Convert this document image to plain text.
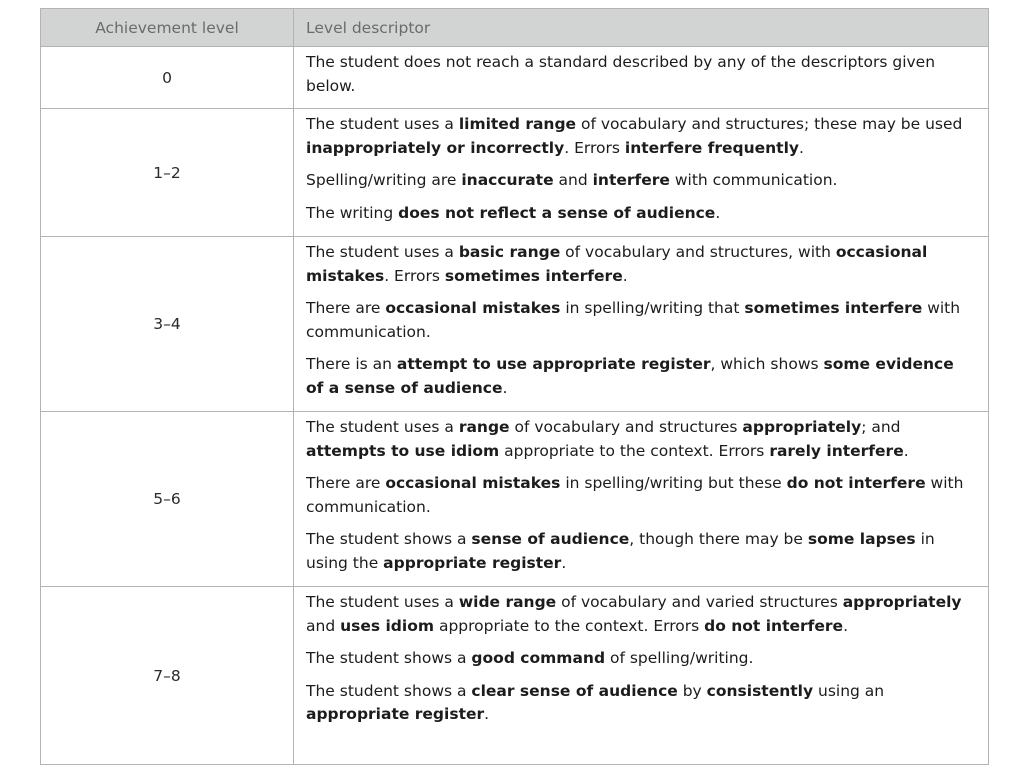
Achievement level	Level descriptor
0	The student does not reach a standard described by any of the descriptors given below.

1–2	The student uses a limited range of vocabulary and structures; these may be used inappropriately or incorrectly. Errors interfere frequently.

Spelling/writing are inaccurate and interfere with communication.

The writing does not reflect a sense of audience.

3–4	The student uses a basic range of vocabulary and structures, with occasional mistakes. Errors sometimes interfere.

There are occasional mistakes in spelling/writing that sometimes interfere with communication.

There is an attempt to use appropriate register, which shows some evidence of a sense of audience.

5–6	The student uses a range of vocabulary and structures appropriately; and attempts to use idiom appropriate to the context. Errors rarely interfere.

There are occasional mistakes in spelling/writing but these do not interfere with communication.

The student shows a sense of audience, though there may be some lapses in using the appropriate register.

7–8	The student uses a wide range of vocabulary and varied structures appropriately and uses idiom appropriate to the context. Errors do not interfere.

The student shows a good command of spelling/writing.

The student shows a clear sense of audience by consistently using an appropriate register.
